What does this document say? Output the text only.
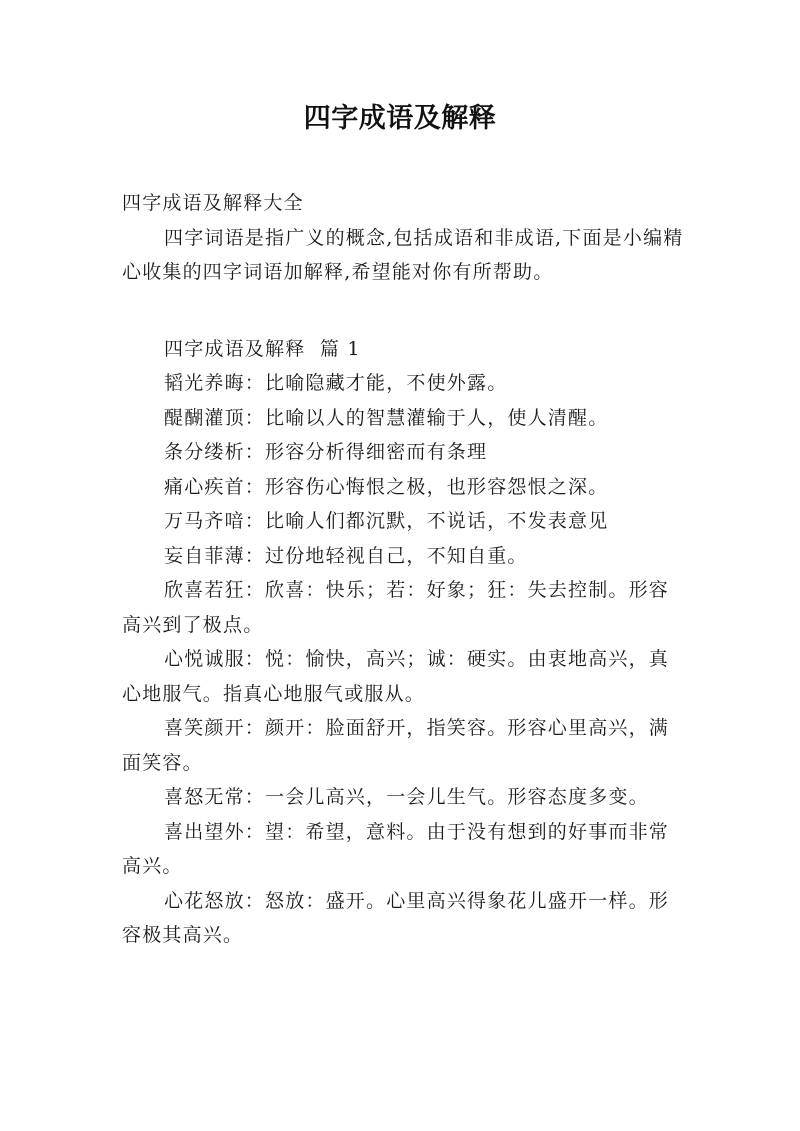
四字成语及解释

四字成语及解释大全

四字词语是指广义的概念,包括成语和非成语,下面是小编精心收集的四字词语加解释,希望能对你有所帮助。

四字成语及解释  篇 1

韬光养晦：比喻隐藏才能，不使外露。

醍醐灌顶：比喻以人的智慧灌输于人，使人清醒。

条分缕析：形容分析得细密而有条理

痛心疾首：形容伤心悔恨之极，也形容怨恨之深。

万马齐喑：比喻人们都沉默，不说话，不发表意见

妄自菲薄：过份地轻视自己，不知自重。

欣喜若狂：欣喜：快乐；若：好象；狂：失去控制。形容高兴到了极点。

心悦诚服：悦：愉快，高兴；诚：硬实。由衷地高兴，真心地服气。指真心地服气或服从。

喜笑颜开：颜开：脸面舒开，指笑容。形容心里高兴，满面笑容。

喜怒无常：一会儿高兴，一会儿生气。形容态度多变。

喜出望外：望：希望，意料。由于没有想到的好事而非常高兴。

心花怒放：怒放：盛开。心里高兴得象花儿盛开一样。形容极其高兴。
